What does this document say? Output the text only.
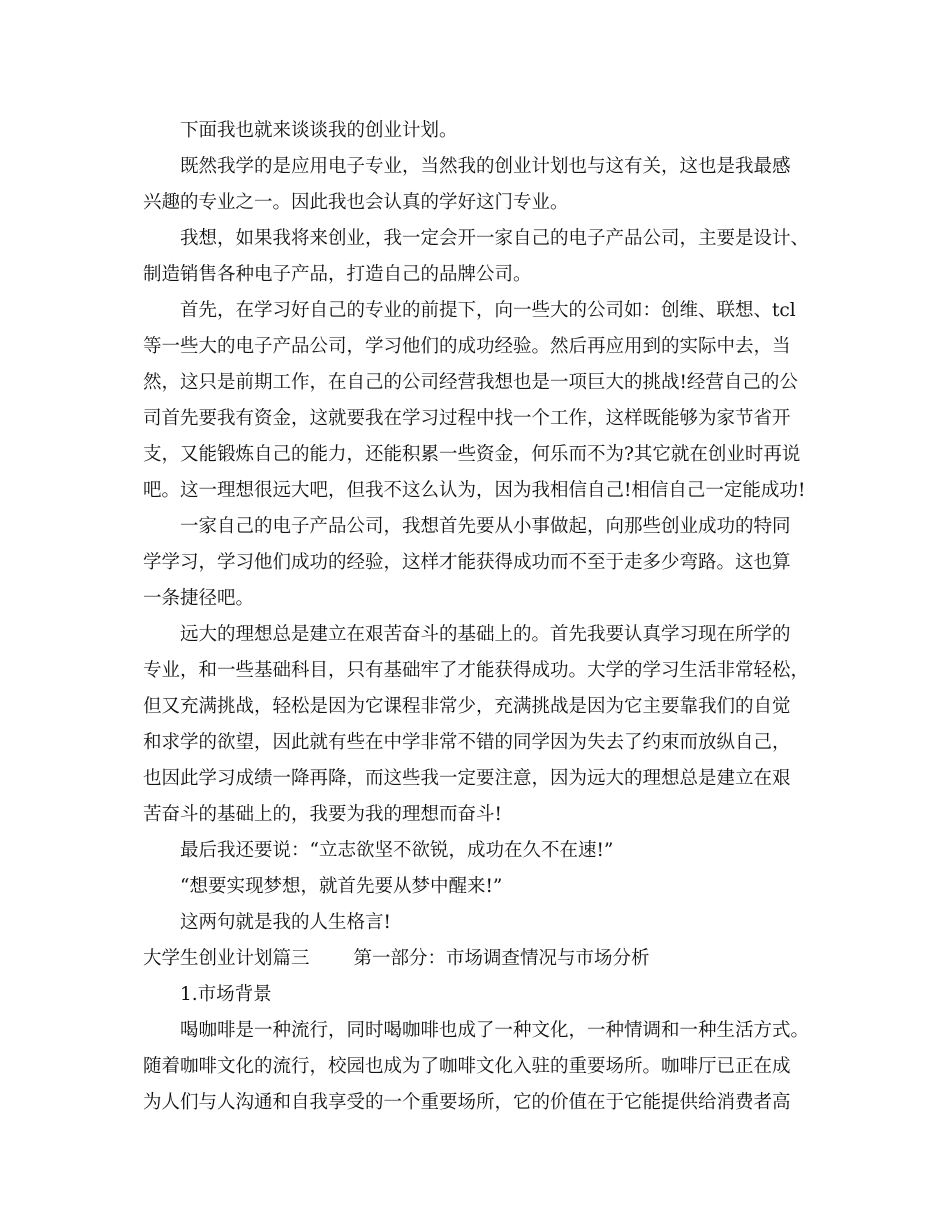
下面我也就来谈谈我的创业计划。
既然我学的是应用电子专业，当然我的创业计划也与这有关，这也是我最感
兴趣的专业之一。因此我也会认真的学好这门专业。
我想，如果我将来创业，我一定会开一家自己的电子产品公司，主要是设计、
制造销售各种电子产品，打造自己的品牌公司。
首先，在学习好自己的专业的前提下，向一些大的公司如：创维、联想、tcl
等一些大的电子产品公司，学习他们的成功经验。然后再应用到的实际中去，当
然，这只是前期工作，在自己的公司经营我想也是一项巨大的挑战!经营自己的公
司首先要我有资金，这就要我在学习过程中找一个工作，这样既能够为家节省开
支，又能锻炼自己的能力，还能积累一些资金，何乐而不为?其它就在创业时再说
吧。这一理想很远大吧，但我不这么认为，因为我相信自己!相信自己一定能成功!
一家自己的电子产品公司，我想首先要从小事做起，向那些创业成功的特同
学学习，学习他们成功的经验，这样才能获得成功而不至于走多少弯路。这也算
一条捷径吧。
远大的理想总是建立在艰苦奋斗的基础上的。首先我要认真学习现在所学的
专业，和一些基础科目，只有基础牢了才能获得成功。大学的学习生活非常轻松，
但又充满挑战，轻松是因为它课程非常少，充满挑战是因为它主要靠我们的自觉
和求学的欲望，因此就有些在中学非常不错的同学因为失去了约束而放纵自己，
也因此学习成绩一降再降，而这些我一定要注意，因为远大的理想总是建立在艰
苦奋斗的基础上的，我要为我的理想而奋斗!
最后我还要说：“立志欲坚不欲锐，成功在久不在速!”
“想要实现梦想，就首先要从梦中醒来!”
这两句就是我的人生格言!
大学生创业计划篇三 第一部分：市场调查情况与市场分析
1.市场背景
喝咖啡是一种流行，同时喝咖啡也成了一种文化，一种情调和一种生活方式。
随着咖啡文化的流行，校园也成为了咖啡文化入驻的重要场所。咖啡厅已正在成
为人们与人沟通和自我享受的一个重要场所，它的价值在于它能提供给消费者高
